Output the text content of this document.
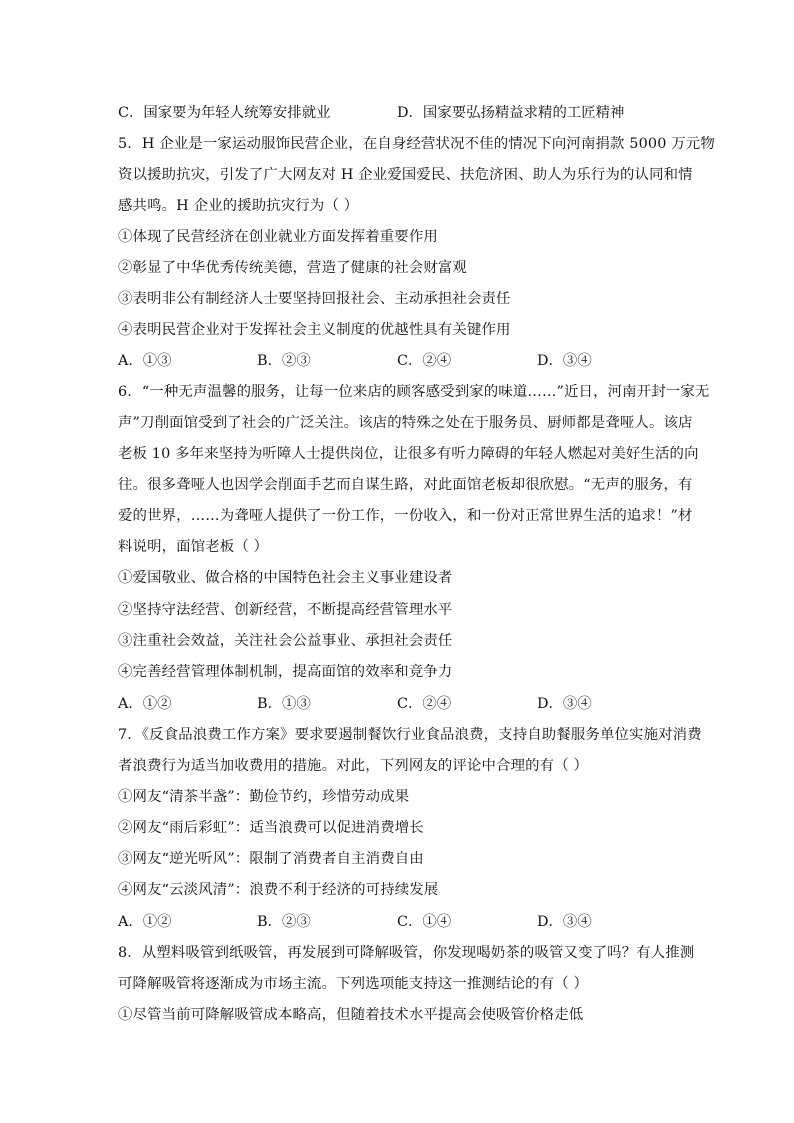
C．国家要为年轻人统筹安排就业	D．国家要弘扬精益求精的工匠精神
5．H 企业是一家运动服饰民营企业，在自身经营状况不佳的情况下向河南捐款 5000 万元物
资以援助抗灾，引发了广大网友对 H 企业爱国爱民、扶危济困、助人为乐行为的认同和情
感共鸣。H 企业的援助抗灾行为（ ）
①体现了民营经济在创业就业方面发挥着重要作用
②彰显了中华优秀传统美德，营造了健康的社会财富观
③表明非公有制经济人士要坚持回报社会、主动承担社会责任
④表明民营企业对于发挥社会主义制度的优越性具有关键作用
A．①③	B．②③	C．②④	D．③④
6．“一种无声温馨的服务，让每一位来店的顾客感受到家的味道……”近日，河南开封一家无
声”刀削面馆受到了社会的广泛关注。该店的特殊之处在于服务员、厨师都是聋哑人。该店
老板 10 多年来坚持为听障人士提供岗位，让很多有听力障碍的年轻人燃起对美好生活的向
往。很多聋哑人也因学会削面手艺而自谋生路，对此面馆老板却很欣慰。“无声的服务，有
爱的世界，……为聋哑人提供了一份工作，一份收入，和一份对正常世界生活的追求！”材
料说明，面馆老板（ ）
①爱国敬业、做合格的中国特色社会主义事业建设者
②坚持守法经营、创新经营，不断提高经营管理水平
③注重社会效益，关注社会公益事业、承担社会责任
④完善经营管理体制机制，提高面馆的效率和竞争力
A．①②	B．①③	C．②④	D．③④
7．《反食品浪费工作方案》要求要遏制餐饮行业食品浪费，支持自助餐服务单位实施对消费
者浪费行为适当加收费用的措施。对此，下列网友的评论中合理的有（ ）
①网友“清茶半盏”：勤俭节约，珍惜劳动成果
②网友“雨后彩虹”：适当浪费可以促进消费增长
③网友“逆光听风”：限制了消费者自主消费自由
④网友“云淡风清”：浪费不利于经济的可持续发展
A．①②	B．②③	C．①④	D．③④
8．从塑料吸管到纸吸管，再发展到可降解吸管，你发现喝奶茶的吸管又变了吗？有人推测
可降解吸管将逐渐成为市场主流。下列选项能支持这一推测结论的有（ ）
①尽管当前可降解吸管成本略高，但随着技术水平提高会使吸管价格走低
